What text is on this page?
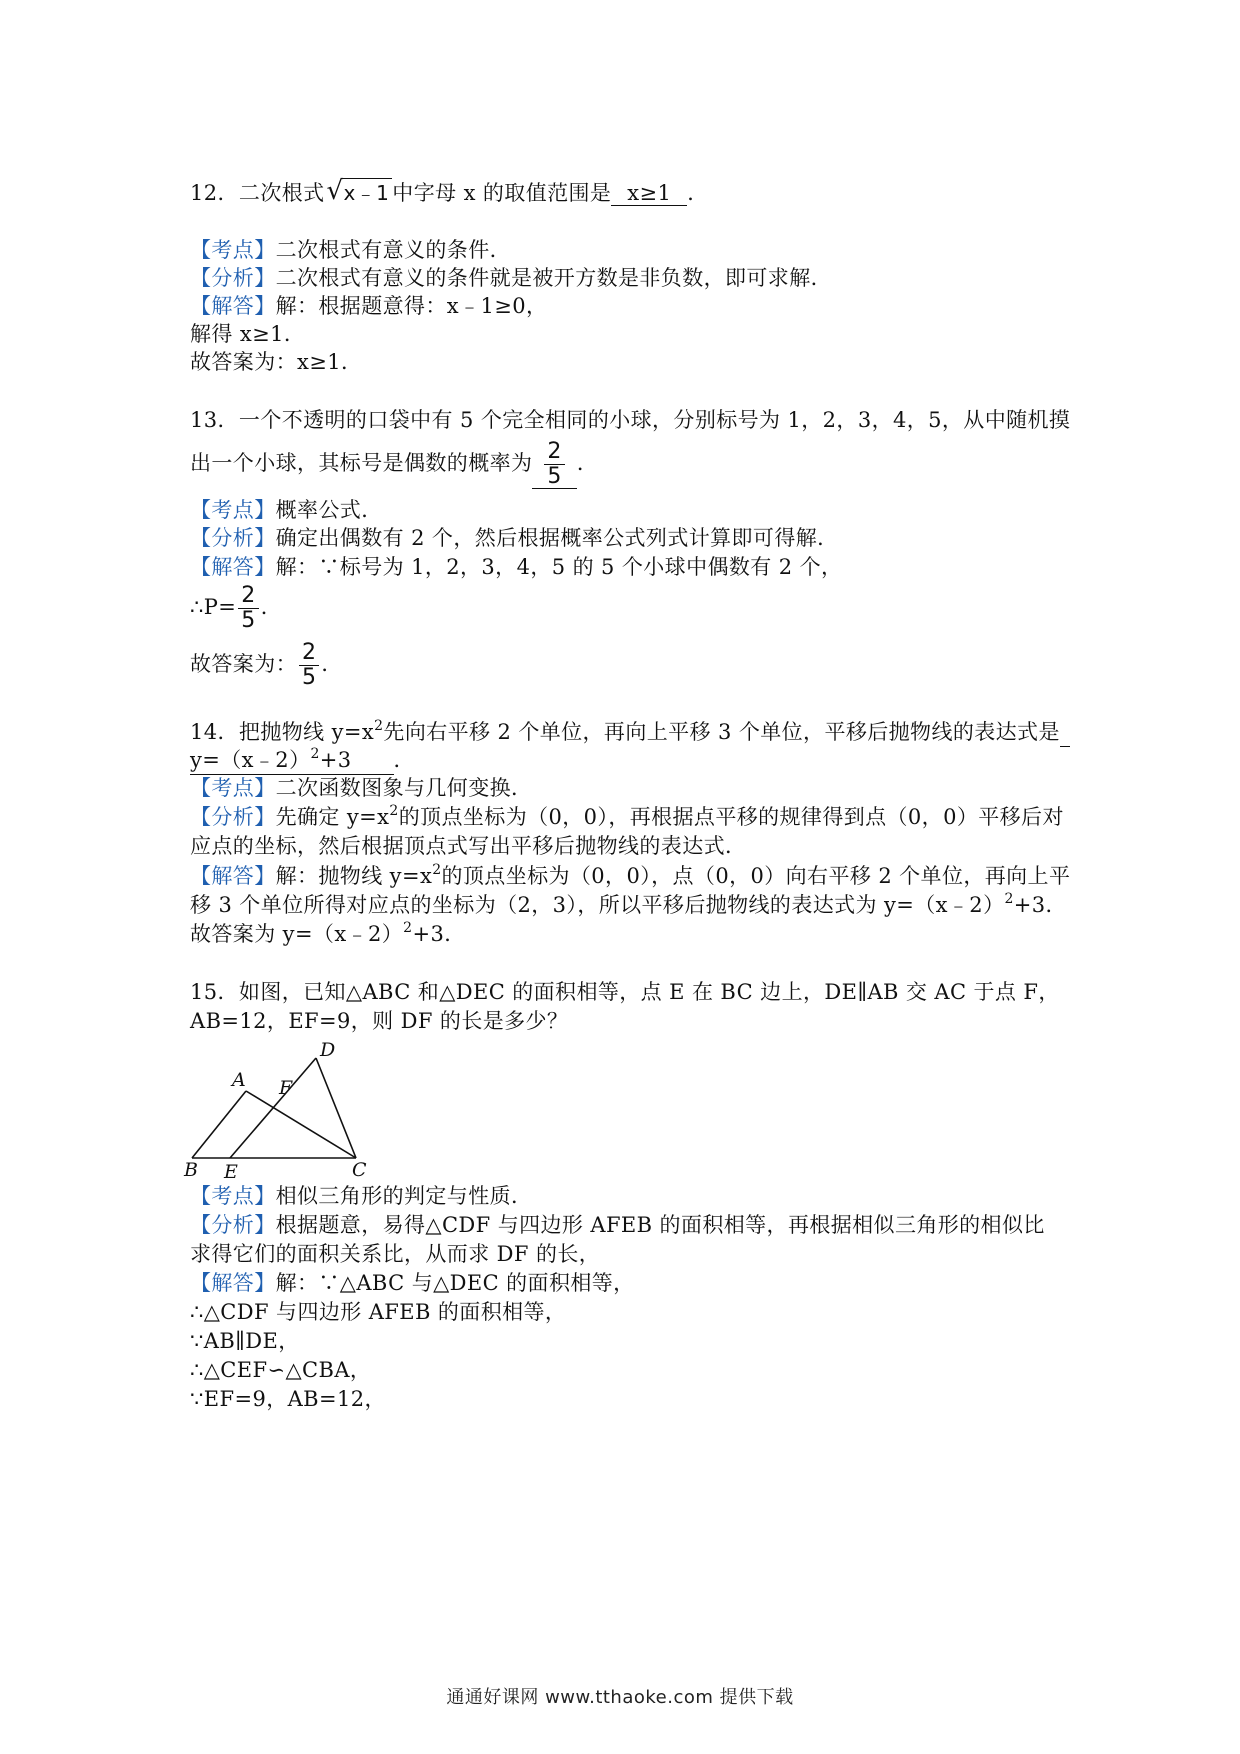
12．二次根式 √ x﹣1 中字母 x 的取值范围是 x≥1 ．
【考点】二次根式有意义的条件．
【分析】二次根式有意义的条件就是被开方数是非负数，即可求解．
【解答】解：根据题意得：x﹣1≥0，
解得 x≥1．
故答案为：x≥1．
13．一个不透明的口袋中有 5 个完全相同的小球，分别标号为 1，2，3，4，5，从中随机摸
出一个小球，其标号是偶数的概率为 $\frac{2}{5}$ ．
【考点】概率公式．
【分析】确定出偶数有 2 个，然后根据概率公式列式计算即可得解．
【解答】解：∵标号为 1，2，3，4，5 的 5 个小球中偶数有 2 个，
∴P= $\frac{2}{5}$ ．
故答案为： $\frac{2}{5}$ ．
14．把抛物线 $y=x^2$先向右平移 2 个单位，再向上平移 3 个单位，平移后抛物线的表达式是
y=（x﹣2）$^2$+3 ．
【考点】二次函数图象与几何变换．
【分析】先确定 $y=x^2$的顶点坐标为（0，0），再根据点平移的规律得到点（0，0）平移后对
应点的坐标，然后根据顶点式写出平移后抛物线的表达式．
【解答】解：抛物线 $y=x^2$的顶点坐标为（0，0），点（0，0）向右平移 2 个单位，再向上平
移 3 个单位所得对应点的坐标为（2，3），所以平移后抛物线的表达式为 y=（x﹣2）$^2$+3．
故答案为 y=（x﹣2）$^2$+3．
15．如图，已知△ABC 和△DEC 的面积相等，点 E 在 BC 边上，DE∥AB 交 AC 于点 F，
AB=12，EF=9，则 DF 的长是多少？
D
A F
B E	C
【考点】相似三角形的判定与性质．
【分析】根据题意，易得△CDF 与四边形 AFEB 的面积相等，再根据相似三角形的相似比
求得它们的面积关系比，从而求 DF 的长，
【解答】解：∵△ABC 与△DEC 的面积相等，
∴△CDF 与四边形 AFEB 的面积相等，
∵AB∥DE，
∴△CEF∽△CBA，
∵EF=9，AB=12，
通通好课网 www.tthaoke.com 提供下载
